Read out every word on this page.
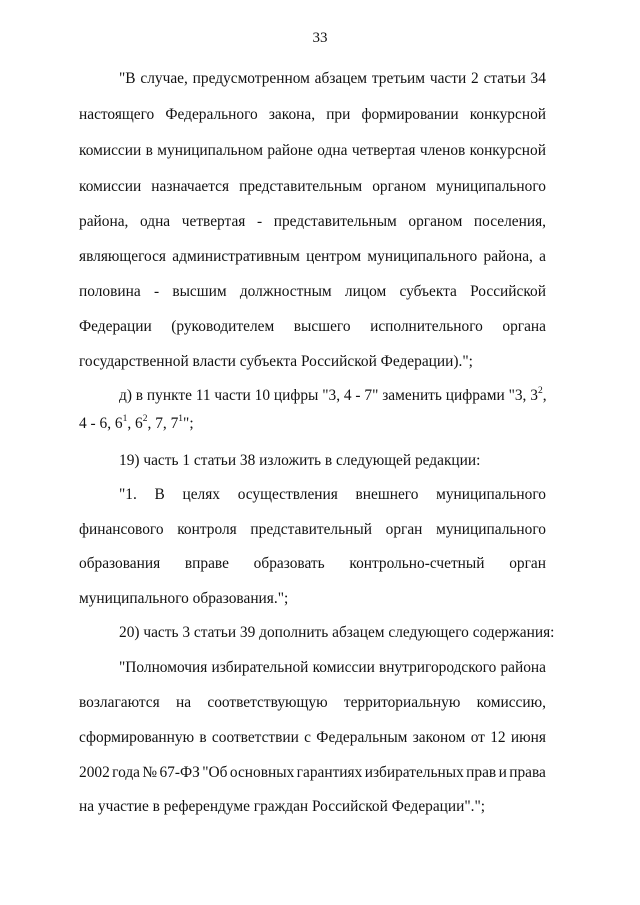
33
"В случае, предусмотренном абзацем третьим части 2 статьи 34
настоящего Федерального закона, при формировании конкурсной
комиссии в муниципальном районе одна четвертая членов конкурсной
комиссии назначается представительным органом муниципального
района, одна четвертая - представительным органом поселения,
являющегося административным центром муниципального района, а
половина - высшим должностным лицом субъекта Российской
Федерации (руководителем высшего исполнительного органа
государственной власти субъекта Российской Федерации).";
д) в пункте 11 части 10 цифры "3, 4 - 7" заменить цифрами "3, $3^2$,
4 - 6, $6^1$, $6^2$, 7, $7^1$";
19) часть 1 статьи 38 изложить в следующей редакции:
"1. В целях осуществления внешнего муниципального
финансового контроля представительный орган муниципального
образования вправе образовать контрольно-счетный орган
муниципального образования.";
20) часть 3 статьи 39 дополнить абзацем следующего содержания:
"Полномочия избирательной комиссии внутригородского района
возлагаются на соответствующую территориальную комиссию,
сформированную в соответствии с Федеральным законом от 12 июня
2002 года № 67-ФЗ "Об основных гарантиях избирательных прав и права
на участие в референдуме граждан Российской Федерации".";
